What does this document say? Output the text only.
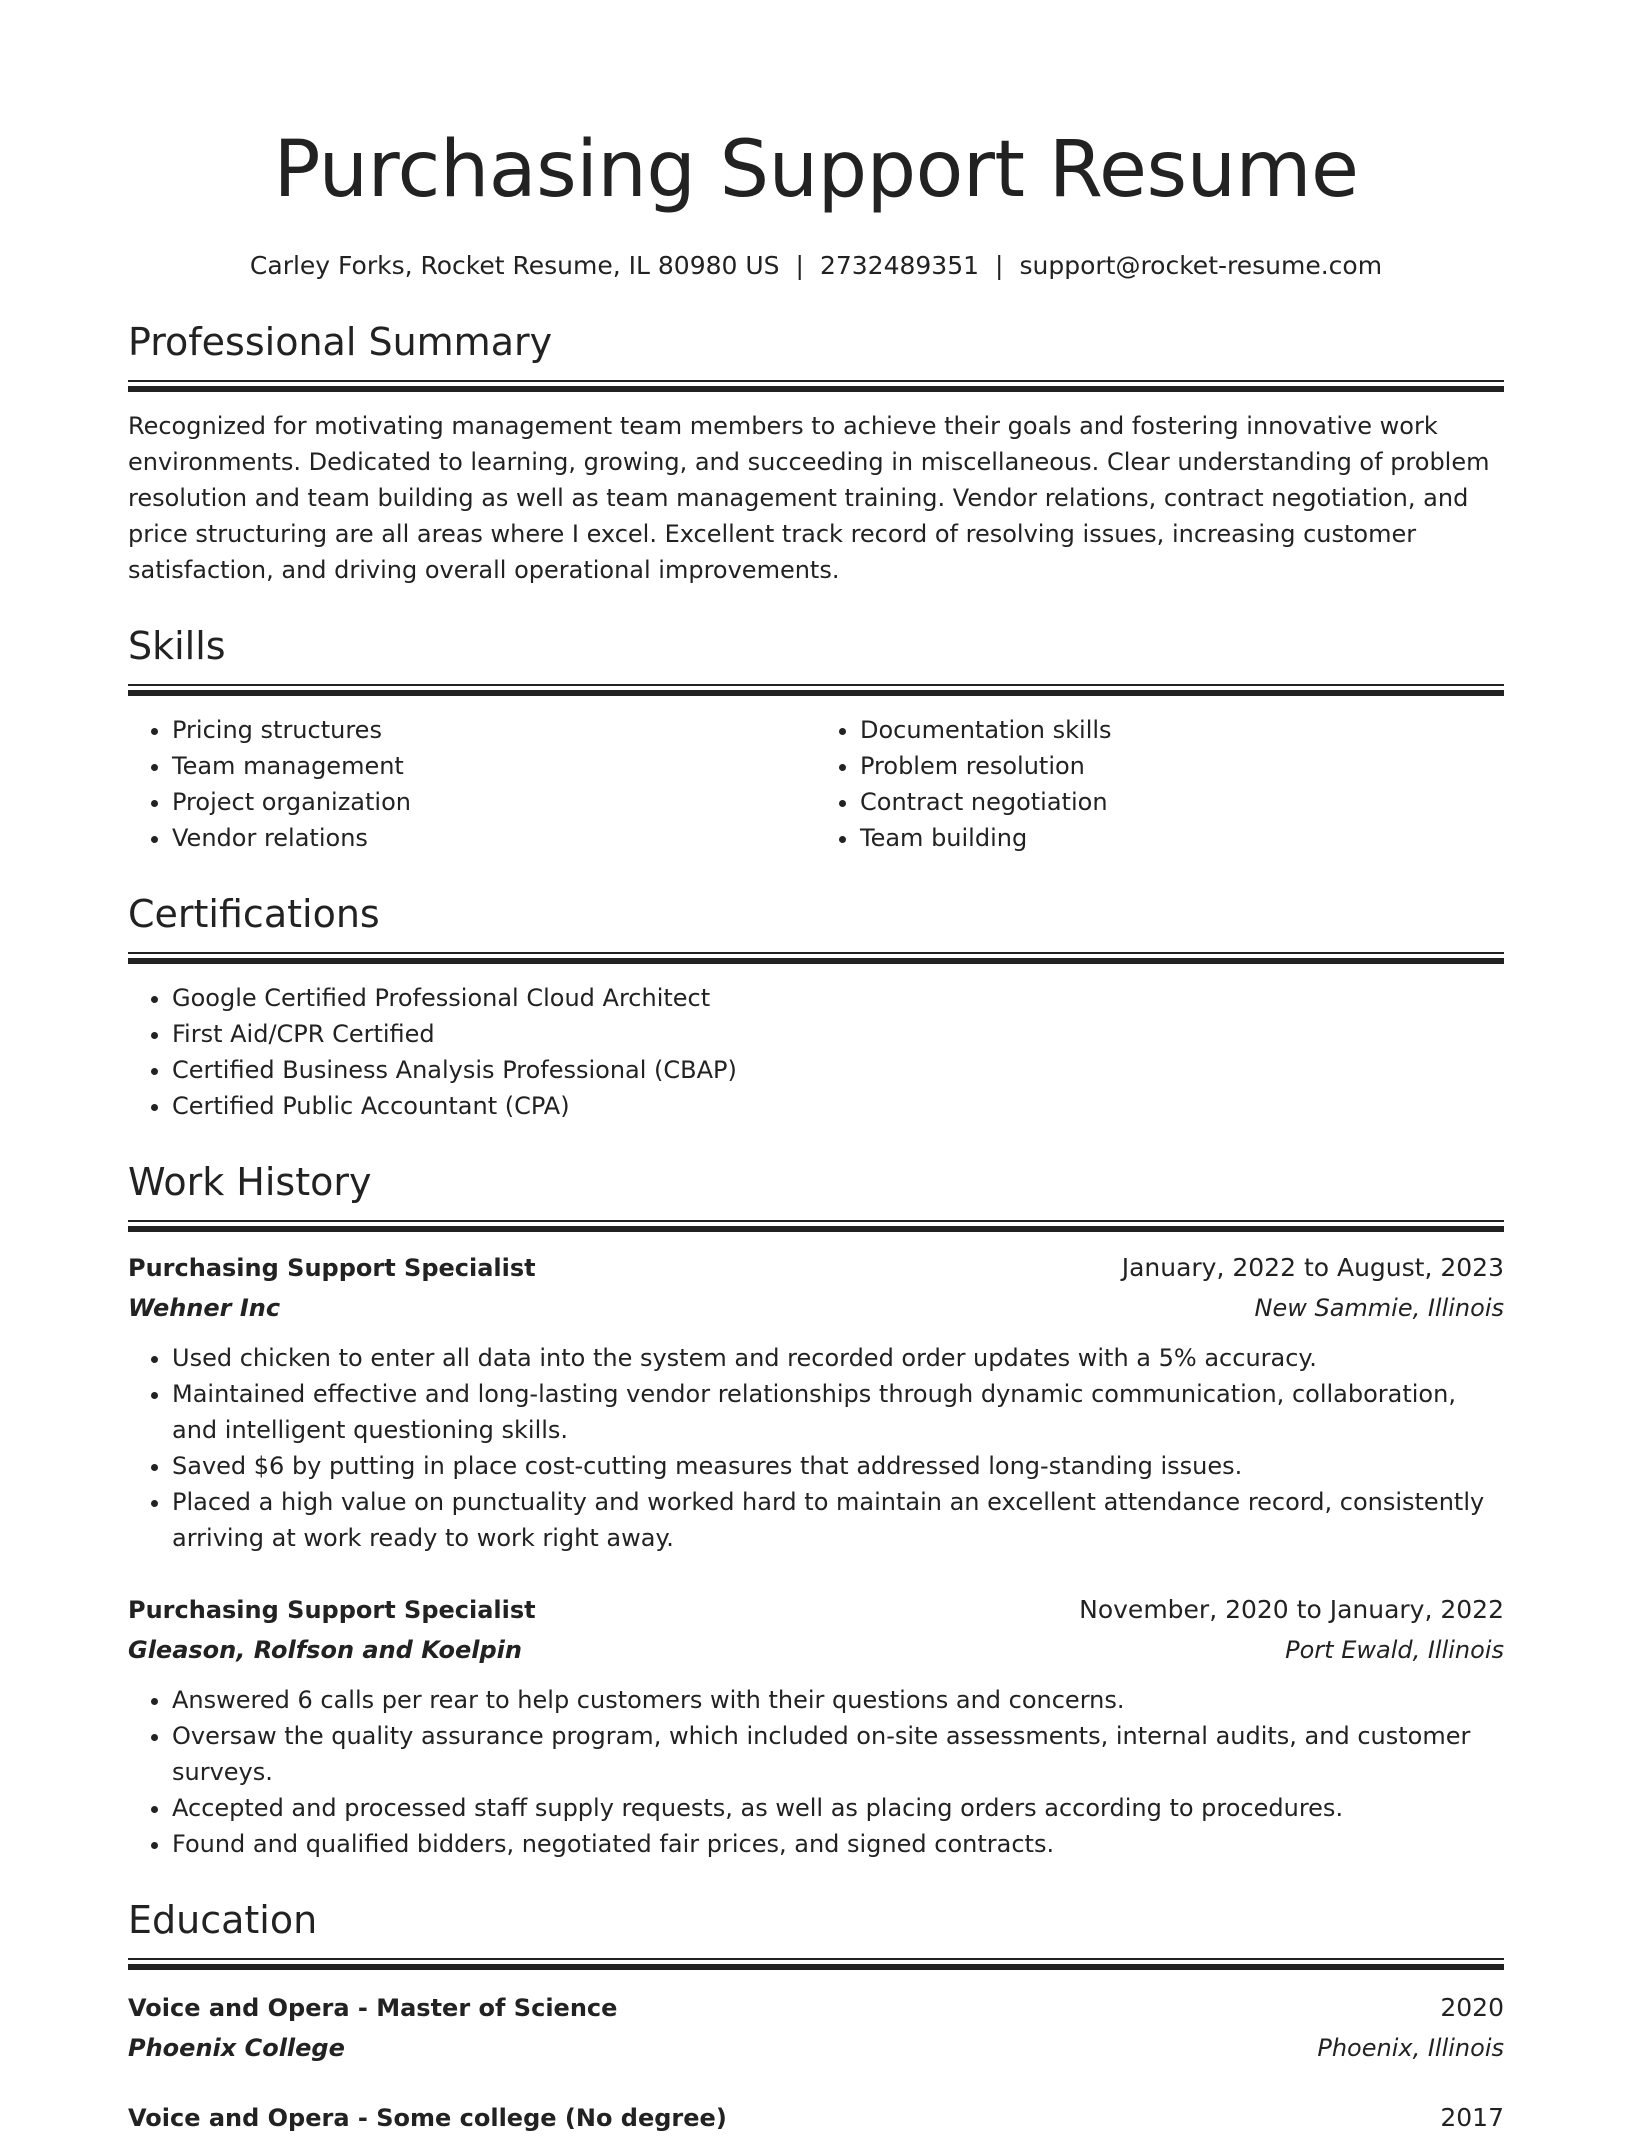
Purchasing Support Resume
Carley Forks, Rocket Resume, IL 80980 US | 2732489351 | support@rocket-resume.com
Professional Summary
Recognized for motivating management team members to achieve their goals and fostering innovative work environments. Dedicated to learning, growing, and succeeding in miscellaneous. Clear understanding of problem resolution and team building as well as team management training. Vendor relations, contract negotiation, and price structuring are all areas where I excel. Excellent track record of resolving issues, increasing customer satisfaction, and driving overall operational improvements.
Skills
• Pricing structures
• Team management
• Project organization
• Vendor relations
• Documentation skills
• Problem resolution
• Contract negotiation
• Team building
Certifications
• Google Certified Professional Cloud Architect
• First Aid/CPR Certified
• Certified Business Analysis Professional (CBAP)
• Certified Public Accountant (CPA)
Work History
Purchasing Support Specialist	January, 2022 to August, 2023
Wehner Inc	New Sammie, Illinois
• Used chicken to enter all data into the system and recorded order updates with a 5% accuracy.
• Maintained effective and long-lasting vendor relationships through dynamic communication, collaboration, and intelligent questioning skills.
• Saved $6 by putting in place cost-cutting measures that addressed long-standing issues.
• Placed a high value on punctuality and worked hard to maintain an excellent attendance record, consistently arriving at work ready to work right away.
Purchasing Support Specialist	November, 2020 to January, 2022
Gleason, Rolfson and Koelpin	Port Ewald, Illinois
• Answered 6 calls per rear to help customers with their questions and concerns.
• Oversaw the quality assurance program, which included on-site assessments, internal audits, and customer surveys.
• Accepted and processed staff supply requests, as well as placing orders according to procedures.
• Found and qualified bidders, negotiated fair prices, and signed contracts.
Education
Voice and Opera - Master of Science	2020
Phoenix College	Phoenix, Illinois
Voice and Opera - Some college (No degree)	2017
